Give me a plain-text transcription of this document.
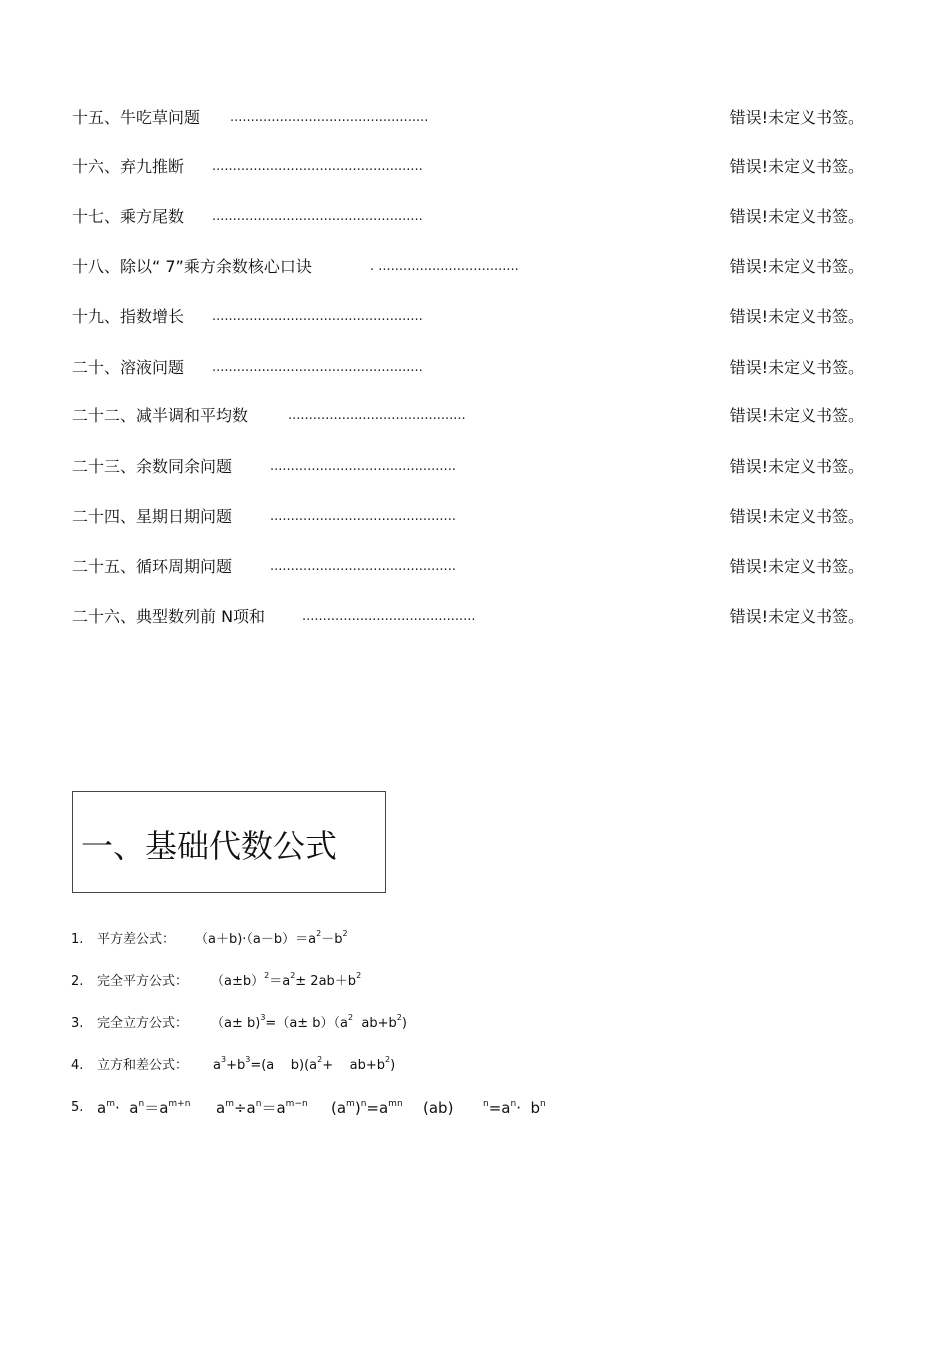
十五、牛吃草问题 ................................................	错误!未定义书签。
十六、弃九推断 ...................................................	错误!未定义书签。
十七、乘方尾数 ...................................................	错误!未定义书签。
十八、除以“ 7”乘方余数核心口诀	. ..................................	错误!未定义书签。
十九、指数增长 ...................................................	错误!未定义书签。
二十、溶液问题 ...................................................	错误!未定义书签。
二十二、减半调和平均数	...........................................	错误!未定义书签。
二十三、余数同余问题	.............................................	错误!未定义书签。
二十四、星期日期问题	.............................................	错误!未定义书签。
二十五、循环周期问题	.............................................	错误!未定义书签。
二十六、典型数列前 N项和	..........................................	错误!未定义书签。
一、基础代数公式

1.

平方差公式：

$(a+b)\cdot(a-b)=a^2-b^2$

2.

完全平方公式：

$(a\pm b)^2=a^2\pm 2ab+b^2$

3.

完全立方公式：

$(a\pm b)^3=(a\pm b)(a^2$  $ab+b^2$)

4.

立方和差公式：

$a^3+b^3=(a$    $b)(a^2+$    $ab+b^2$)

5.

$a^m\cdot a^n=a^{m+n}$

$a^m\div a^n=a^{m-n}$

$(a^m)^n=a^{mn}$

(ab)

	$^n=a^n\cdot b^n$
